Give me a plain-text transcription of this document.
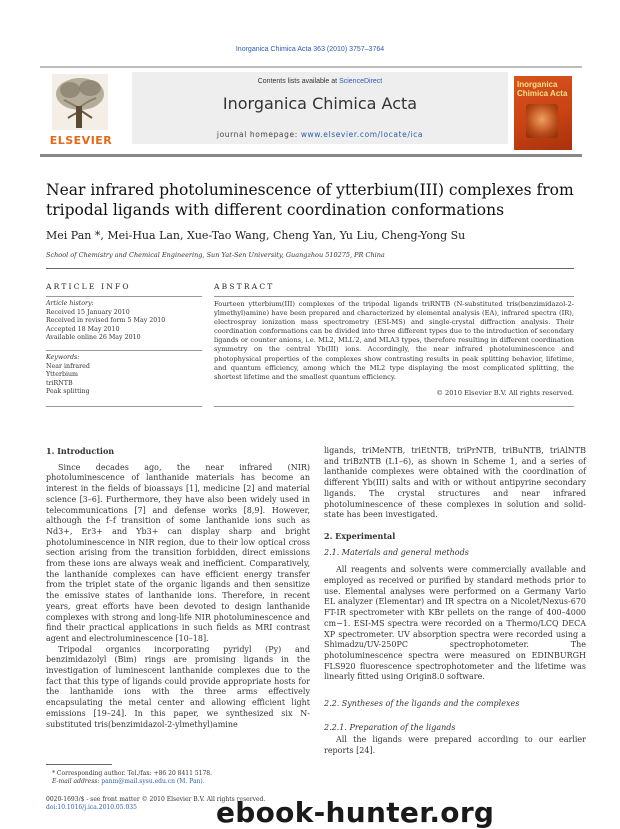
Inorganica Chimica Acta 363 (2010) 3757–3764
ELSEVIER
Contents lists available at ScienceDirect
Inorganica Chimica Acta
journal homepage: www.elsevier.com/locate/ica
Inorganica Chimica Acta
Near infrared photoluminescence of ytterbium(III) complexes from tripodal ligands with different coordination conformations
Mei Pan *, Mei-Hua Lan, Xue-Tao Wang, Cheng Yan, Yu Liu, Cheng-Yong Su
School of Chemistry and Chemical Engineering, Sun Yat-Sen University, Guangzhou 510275, PR China
ARTICLE INFO	ABSTRACT
Article history:
Received 15 January 2010
Received in revised form 5 May 2010
Accepted 18 May 2010
Available online 26 May 2010
Keywords:
Near infrared
Ytterbium
triRNTB
Peak splitting
Fourteen ytterbium(III) complexes of the tripodal ligands triRNTB (N-substituted tris(benzimidazol-2-ylmethyl)amine) have been prepared and characterized by elemental analysis (EA), infrared spectra (IR), electrospray ionization mass spectrometry (ESI-MS) and single-crystal diffraction analysis. Their coordination conformations can be divided into three different types due to the introduction of secondary ligands or counter anions, i.e. ML2, MLL′2, and MLA3 types, therefore resulting in different coordination symmetry on the central Yb(III) ions. Accordingly, the near infrared photoluminescence and photophysical properties of the complexes show contrasting results in peak splitting behavior, lifetime, and quantum efficiency, among which the ML2 type displaying the most complicated splitting, the shortest lifetime and the smallest quantum efficiency.
© 2010 Elsevier B.V. All rights reserved.
1. Introduction

Since decades ago, the near infrared (NIR) photoluminescence of lanthanide materials has become an interest in the fields of bioassays [1], medicine [2] and material science [3–6]. Furthermore, they have also been widely used in telecommunications [7] and defense works [8,9]. However, although the f–f transition of some lanthanide ions such as Nd3+, Er3+ and Yb3+ can display sharp and bright photoluminescence in NIR region, due to their low optical cross section arising from the transition forbidden, direct emissions from these ions are always weak and inefficient. Comparatively, the lanthanide complexes can have efficient energy transfer from the triplet state of the organic ligands and then sensitize the emissive states of lanthanide ions. Therefore, in recent years, great efforts have been devoted to design lanthanide complexes with strong and long-life NIR photoluminescence and find their practical applications in such fields as MRI contrast agent and electroluminescence [10–18].

Tripodal organics incorporating pyridyl (Py) and benzimidazolyl (Bim) rings are promising ligands in the investigation of luminescent lanthanide complexes due to the fact that this type of ligands could provide appropriate hosts for the lanthanide ions with the three arms effectively encapsulating the metal center and allowing efficient light emissions [19–24]. In this paper, we synthesized six N-substituted tris(benzimidazol-2-ylmethyl)amine

ligands, triMeNTB, triEtNTB, triPrNTB, triBuNTB, triAlNTB and triBzNTB (L1–6), as shown in Scheme 1, and a series of lanthanide complexes were obtained with the coordination of different Yb(III) salts and with or without antipyrine secondary ligands. The crystal structures and near infrared photoluminescence of these complexes in solution and solid-state has been investigated.

2. Experimental
2.1. Materials and general methods

All reagents and solvents were commercially available and employed as received or purified by standard methods prior to use. Elemental analyses were performed on a Germany Vario EL analyzer (Elementar) and IR spectra on a Nicolet/Nexus-670 FT-IR spectrometer with KBr pellets on the range of 400–4000 cm−1. ESI-MS spectra were recorded on a Thermo/LCQ DECA XP spectrometer. UV absorption spectra were recorded using a Shimadzu/UV-250PC spectrophotometer. The photoluminescence spectra were measured on EDINBURGH FLS920 fluorescence spectrophotometer and the lifetime was linearly fitted using Origin8.0 software.

2.2. Syntheses of the ligands and the complexes
2.2.1. Preparation of the ligands

All the ligands were prepared according to our earlier reports [24].

* Corresponding author. Tel./fax: +86 20 8411 5178.
E-mail address: panm@mail.sysu.edu.cn (M. Pan).
0020-1693/$ - see front matter © 2010 Elsevier B.V. All rights reserved.
doi:10.1016/j.ica.2010.05.035	ebook-hunter.org
